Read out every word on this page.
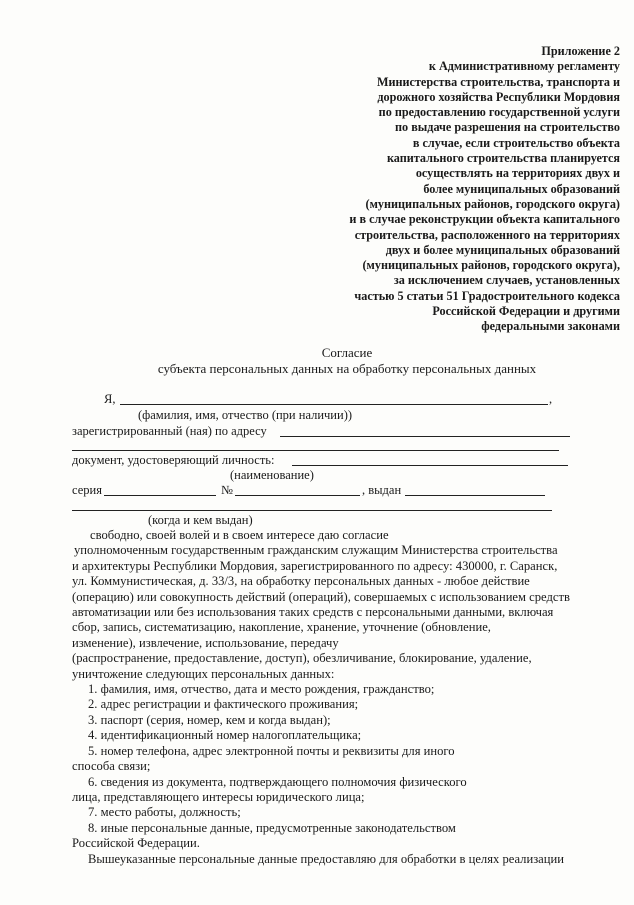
Приложение 2
к Административному регламенту
Министерства строительства, транспорта и
дорожного хозяйства Республики Мордовия
по предоставлению государственной услуги
по выдаче разрешения на строительство
в случае, если строительство объекта
капитального строительства планируется
осуществлять на территориях двух и
более муниципальных образований
(муниципальных районов, городского округа)
и в случае реконструкции объекта капитального
строительства, расположенного на территориях
двух и более муниципальных образований
(муниципальных районов, городского округа),
за исключением случаев, установленных
частью 5 статьи 51 Градостроительного кодекса
Российской Федерации и другими
федеральными законами
Согласие
субъекта персональных данных на обработку персональных данных
Я,	,
(фамилия, имя, отчество (при наличии))
зарегистрированный (ная) по адресу
документ, удостоверяющий личность:
(наименование)
серия	№	, выдан
(когда и кем выдан)
свободно, своей волей и в своем интересе даю согласие
уполномоченным государственным гражданским служащим Министерства строительства
и архитектуры Республики Мордовия, зарегистрированного по адресу: 430000, г. Саранск,
ул. Коммунистическая, д. 33/3, на обработку персональных данных - любое действие
(операцию) или совокупность действий (операций), совершаемых с использованием средств
автоматизации или без использования таких средств с персональными данными, включая
сбор, запись, систематизацию, накопление, хранение, уточнение (обновление,
изменение), извлечение, использование, передачу
(распространение, предоставление, доступ), обезличивание, блокирование, удаление,
уничтожение следующих персональных данных:
1. фамилия, имя, отчество, дата и место рождения, гражданство;
2. адрес регистрации и фактического проживания;
3. паспорт (серия, номер, кем и когда выдан);
4. идентификационный номер налогоплательщика;
5. номер телефона, адрес электронной почты и реквизиты для иного
способа связи;
6. сведения из документа, подтверждающего полномочия физического
лица, представляющего интересы юридического лица;
7. место работы, должность;
8. иные персональные данные, предусмотренные законодательством
Российской Федерации.
Вышеуказанные персональные данные предоставляю для обработки в целях реализации
